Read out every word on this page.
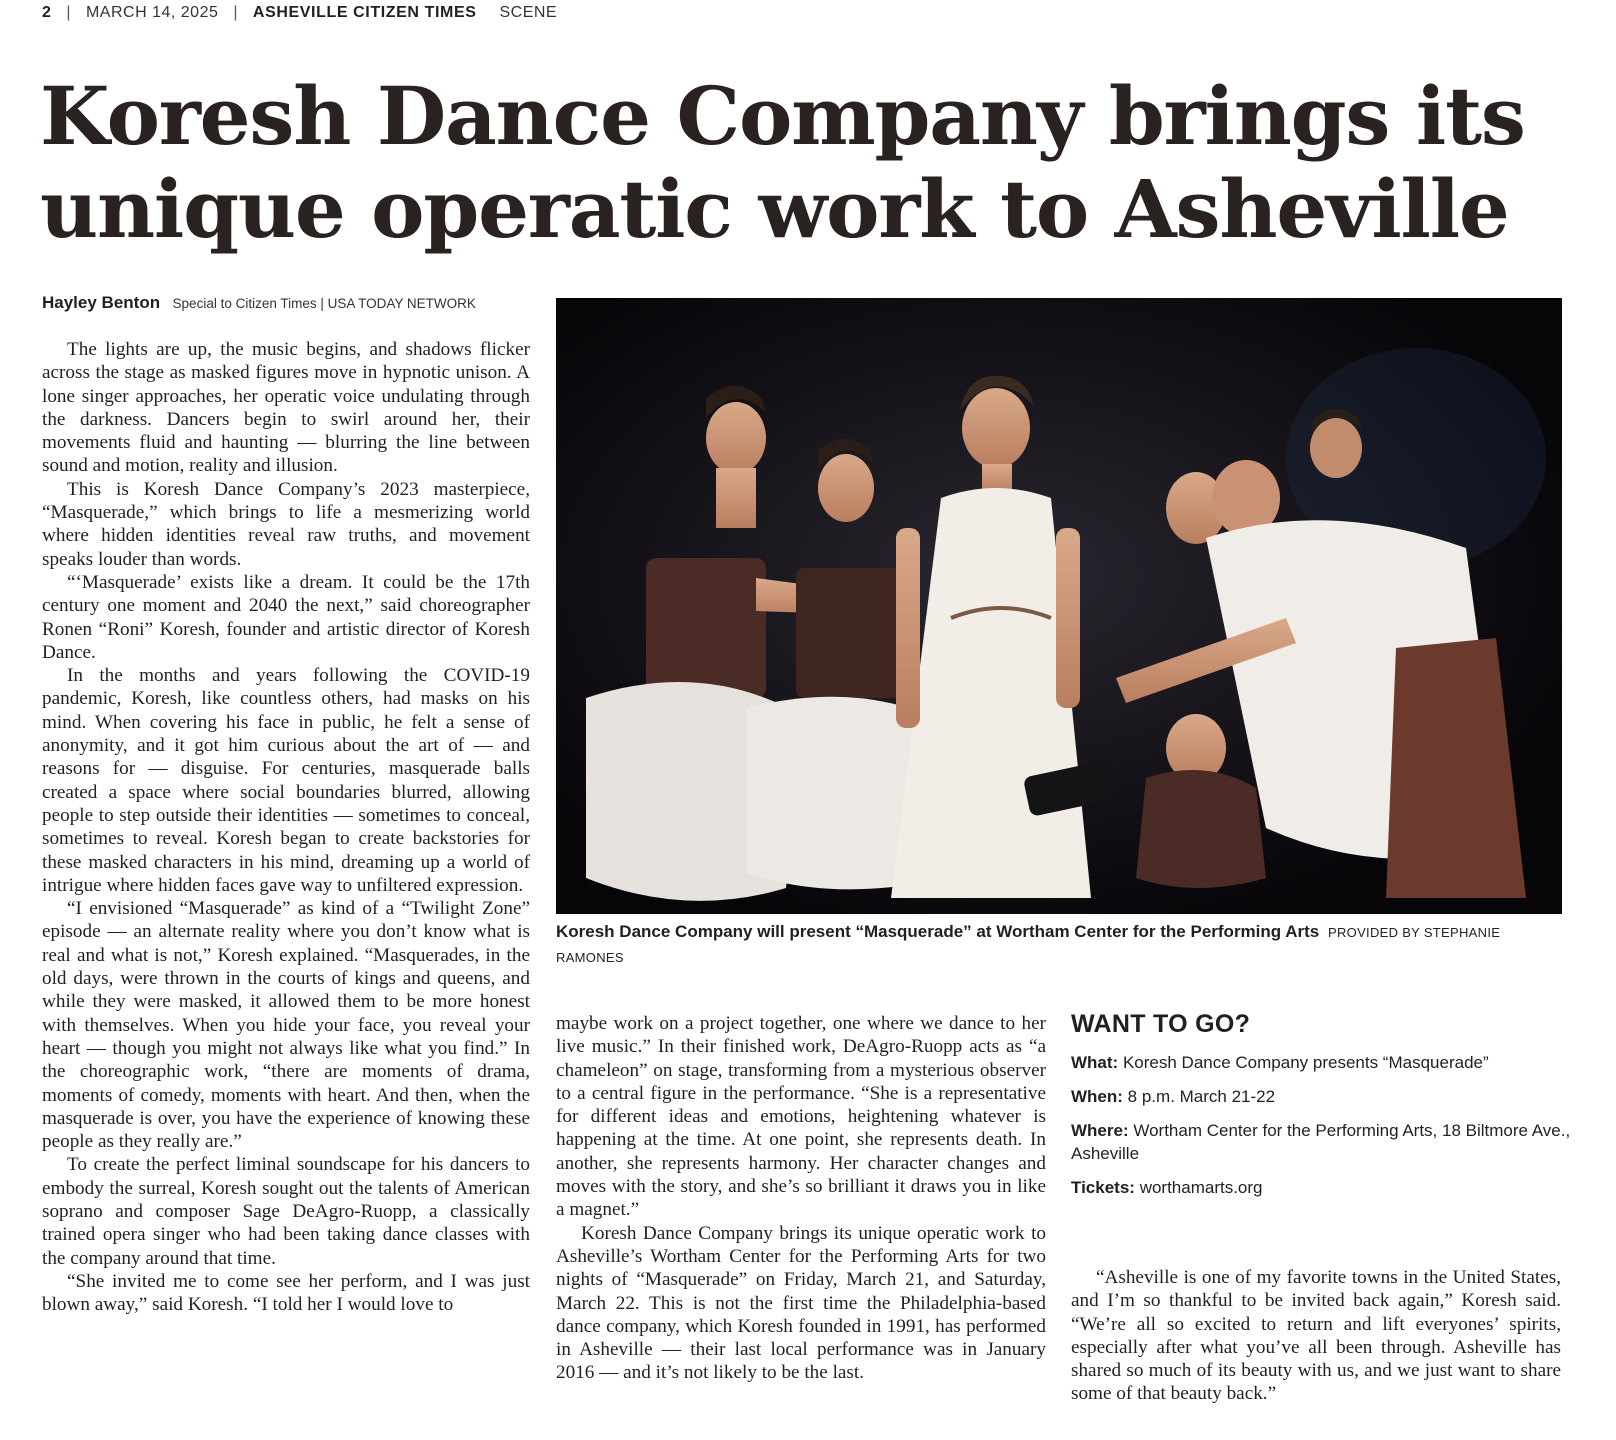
2 | MARCH 14, 2025 | ASHEVILLE CITIZEN TIMES SCENE
Koresh Dance Company brings its unique operatic work to Asheville
Hayley Benton Special to Citizen Times | USA TODAY NETWORK

The lights are up, the music begins, and shadows flicker across the stage as masked figures move in hypnotic unison. A lone singer approaches, her operatic voice undulating through the darkness. Dancers begin to swirl around her, their movements fluid and haunting — blurring the line between sound and motion, reality and illusion.

This is Koresh Dance Company’s 2023 masterpiece, “Masquerade,” which brings to life a mesmerizing world where hidden identities reveal raw truths, and movement speaks louder than words.

“‘Masquerade’ exists like a dream. It could be the 17th century one moment and 2040 the next,” said choreographer Ronen “Roni” Koresh, founder and artistic director of Koresh Dance.

In the months and years following the COVID-19 pandemic, Koresh, like countless others, had masks on his mind. When covering his face in public, he felt a sense of anonymity, and it got him curious about the art of — and reasons for — disguise. For centuries, masquerade balls created a space where social boundaries blurred, allowing people to step outside their identities — sometimes to conceal, sometimes to reveal. Koresh began to create backstories for these masked characters in his mind, dreaming up a world of intrigue where hidden faces gave way to unfiltered expression.

“I envisioned “Masquerade” as kind of a “Twilight Zone” episode — an alternate reality where you don’t know what is real and what is not,” Koresh explained. “Masquerades, in the old days, were thrown in the courts of kings and queens, and while they were masked, it allowed them to be more honest with themselves. When you hide your face, you reveal your heart — though you might not always like what you find.” In the choreographic work, “there are moments of drama, moments of comedy, moments with heart. And then, when the masquerade is over, you have the experience of knowing these people as they really are.”

To create the perfect liminal soundscape for his dancers to embody the surreal, Koresh sought out the talents of American soprano and composer Sage DeAgro-Ruopp, a classically trained opera singer who had been taking dance classes with the company around that time.

“She invited me to come see her perform, and I was just blown away,” said Koresh. “I told her I would love to

Koresh Dance Company will present “Masquerade” at Wortham Center for the Performing Arts PROVIDED BY STEPHANIE RAMONES

maybe work on a project together, one where we dance to her live music.” In their finished work, DeAgro-Ruopp acts as “a chameleon” on stage, transforming from a mysterious observer to a central figure in the performance. “She is a representative for different ideas and emotions, heightening whatever is happening at the time. At one point, she represents death. In another, she represents harmony. Her character changes and moves with the story, and she’s so brilliant it draws you in like a magnet.”

Koresh Dance Company brings its unique operatic work to Asheville’s Wortham Center for the Performing Arts for two nights of “Masquerade” on Friday, March 21, and Saturday, March 22. This is not the first time the Philadelphia-based dance company, which Koresh founded in 1991, has performed in Asheville — their last local performance was in January 2016 — and it’s not likely to be the last.

WANT TO GO?
What: Koresh Dance Company presents “Masquerade”
When: 8 p.m. March 21-22
Where: Wortham Center for the Performing Arts, 18 Biltmore Ave., Asheville
Tickets: worthamarts.org

“Asheville is one of my favorite towns in the United States, and I’m so thankful to be invited back again,” Koresh said. “We’re all so excited to return and lift everyones’ spirits, especially after what you’ve all been through. Asheville has shared so much of its beauty with us, and we just want to share some of that beauty back.”
